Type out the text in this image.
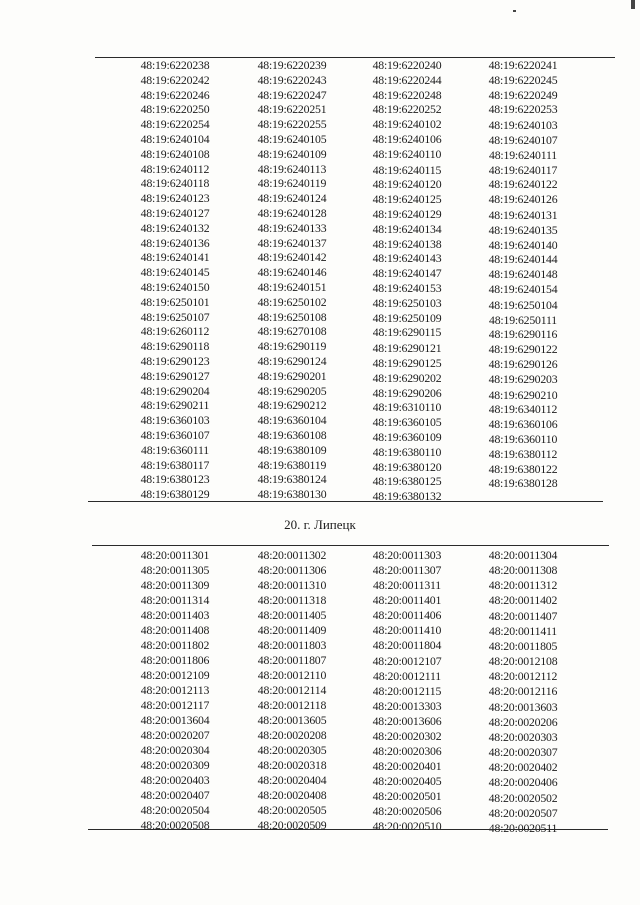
48:19:6220238	48:19:6220239	48:19:6220240	48:19:6220241
48:19:6220242	48:19:6220243	48:19:6220244	48:19:6220245
48:19:6220246	48:19:6220247	48:19:6220248	48:19:6220249
48:19:6220250	48:19:6220251	48:19:6220252	48:19:6220253
48:19:6220254	48:19:6220255	48:19:6240102	48:19:6240103
48:19:6240104	48:19:6240105	48:19:6240106	48:19:6240107
48:19:6240108	48:19:6240109	48:19:6240110	48:19:6240111
48:19:6240112	48:19:6240113	48:19:6240115	48:19:6240117
48:19:6240118	48:19:6240119	48:19:6240120	48:19:6240122
48:19:6240123	48:19:6240124	48:19:6240125	48:19:6240126
48:19:6240127	48:19:6240128	48:19:6240129	48:19:6240131
48:19:6240132	48:19:6240133	48:19:6240134	48:19:6240135
48:19:6240136	48:19:6240137	48:19:6240138	48:19:6240140
48:19:6240141	48:19:6240142	48:19:6240143	48:19:6240144
48:19:6240145	48:19:6240146	48:19:6240147	48:19:6240148
48:19:6240150	48:19:6240151	48:19:6240153	48:19:6240154
48:19:6250101	48:19:6250102	48:19:6250103	48:19:6250104
48:19:6250107	48:19:6250108	48:19:6250109	48:19:6250111
48:19:6260112	48:19:6270108	48:19:6290115	48:19:6290116
48:19:6290118	48:19:6290119	48:19:6290121	48:19:6290122
48:19:6290123	48:19:6290124	48:19:6290125	48:19:6290126
48:19:6290127	48:19:6290201	48:19:6290202	48:19:6290203
48:19:6290204	48:19:6290205	48:19:6290206	48:19:6290210
48:19:6290211	48:19:6290212	48:19:6310110	48:19:6340112
48:19:6360103	48:19:6360104	48:19:6360105	48:19:6360106
48:19:6360107	48:19:6360108	48:19:6360109	48:19:6360110
48:19:6360111	48:19:6380109	48:19:6380110	48:19:6380112
48:19:6380117	48:19:6380119	48:19:6380120	48:19:6380122
48:19:6380123	48:19:6380124	48:19:6380125	48:19:6380128
48:19:6380129	48:19:6380130	48:19:6380132
20. г. Липецк
48:20:0011301	48:20:0011302	48:20:0011303	48:20:0011304
48:20:0011305	48:20:0011306	48:20:0011307	48:20:0011308
48:20:0011309	48:20:0011310	48:20:0011311	48:20:0011312
48:20:0011314	48:20:0011318	48:20:0011401	48:20:0011402
48:20:0011403	48:20:0011405	48:20:0011406	48:20:0011407
48:20:0011408	48:20:0011409	48:20:0011410	48:20:0011411
48:20:0011802	48:20:0011803	48:20:0011804	48:20:0011805
48:20:0011806	48:20:0011807	48:20:0012107	48:20:0012108
48:20:0012109	48:20:0012110	48:20:0012111	48:20:0012112
48:20:0012113	48:20:0012114	48:20:0012115	48:20:0012116
48:20:0012117	48:20:0012118	48:20:0013303	48:20:0013603
48:20:0013604	48:20:0013605	48:20:0013606	48:20:0020206
48:20:0020207	48:20:0020208	48:20:0020302	48:20:0020303
48:20:0020304	48:20:0020305	48:20:0020306	48:20:0020307
48:20:0020309	48:20:0020318	48:20:0020401	48:20:0020402
48:20:0020403	48:20:0020404	48:20:0020405	48:20:0020406
48:20:0020407	48:20:0020408	48:20:0020501	48:20:0020502
48:20:0020504	48:20:0020505	48:20:0020506	48:20:0020507
48:20:0020508	48:20:0020509	48:20:0020510	48:20:0020511
